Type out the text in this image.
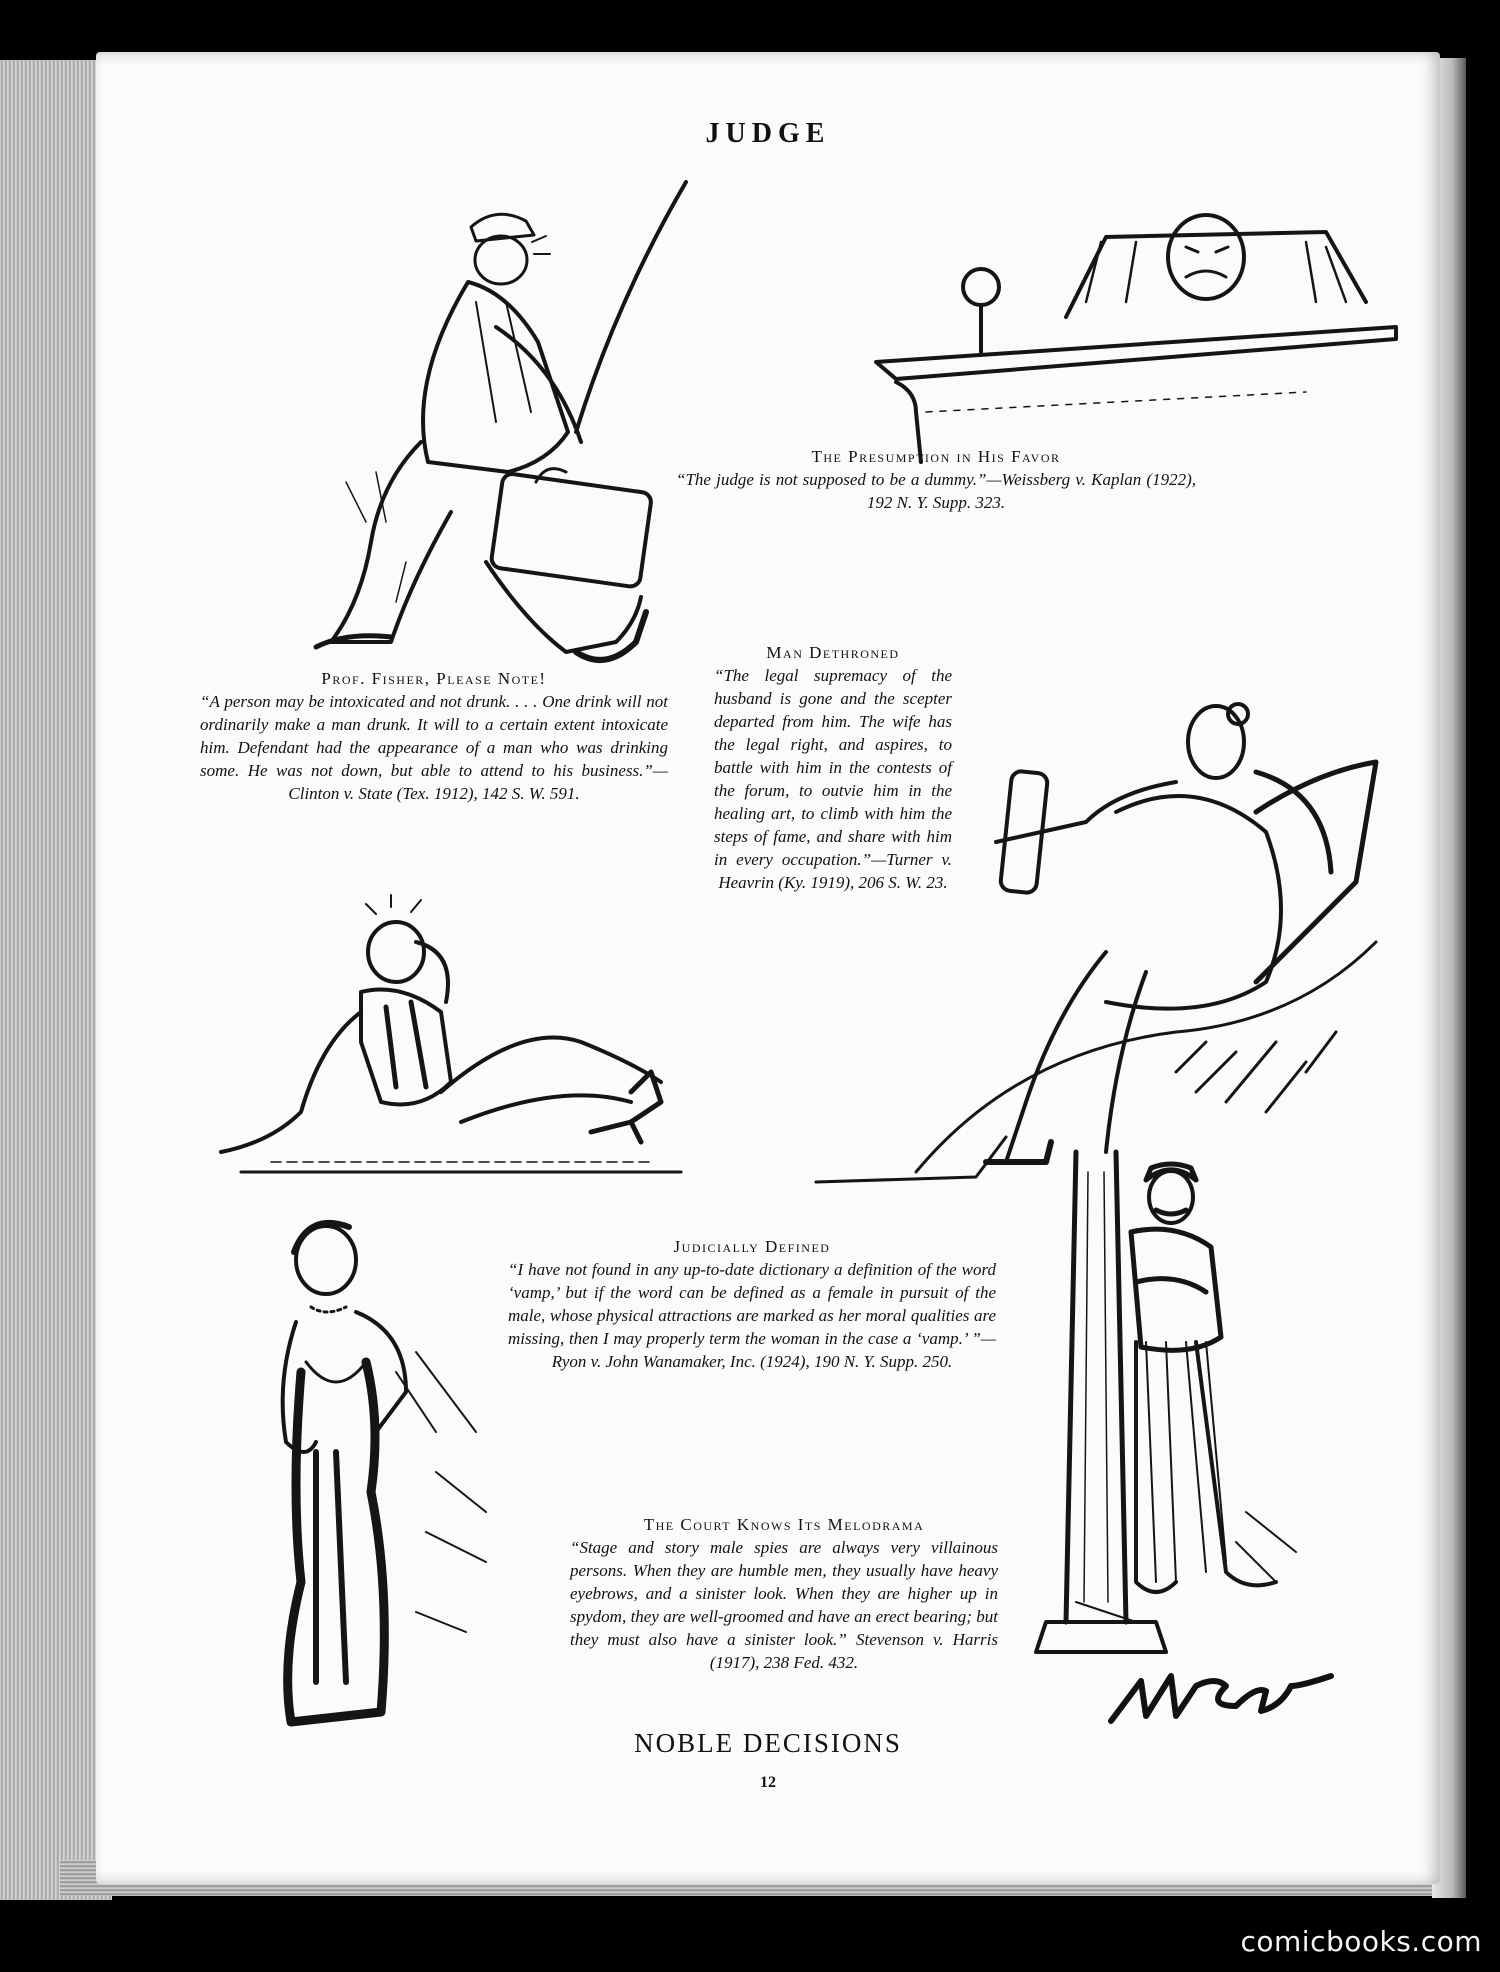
JUDGE
The Presumption in His Favor
“The judge is not supposed to be a dummy.”—Weissberg v. Kaplan (1922), 192 N. Y. Supp. 323.
Prof. Fisher, Please Note!
“A person may be intoxicated and not drunk. . . . One drink will not ordinarily make a man drunk. It will to a certain extent intoxicate him. Defendant had the appearance of a man who was drinking some. He was not down, but able to attend to his business.”—Clinton v. State (Tex. 1912), 142 S. W. 591.
Man Dethroned
“The legal supremacy of the husband is gone and the scepter departed from him. The wife has the legal right, and aspires, to battle with him in the contests of the forum, to outvie him in the healing art, to climb with him the steps of fame, and share with him in every occupation.”—Turner v. Heavrin (Ky. 1919), 206 S. W. 23.
Judicially Defined
“I have not found in any up-to-date dictionary a definition of the word ‘vamp,’ but if the word can be defined as a female in pursuit of the male, whose physical attractions are marked as her moral qualities are missing, then I may properly term the woman in the case a ‘vamp.’ ”—Ryon v. John Wanamaker, Inc. (1924), 190 N. Y. Supp. 250.
The Court Knows Its Melodrama
“Stage and story male spies are always very villainous persons. When they are humble men, they usually have heavy eyebrows, and a sinister look. When they are higher up in spydom, they are well-groomed and have an erect bearing; but they must also have a sinister look.” Stevenson v. Harris (1917), 238 Fed. 432.
NOBLE DECISIONS
12
comicbooks.com
